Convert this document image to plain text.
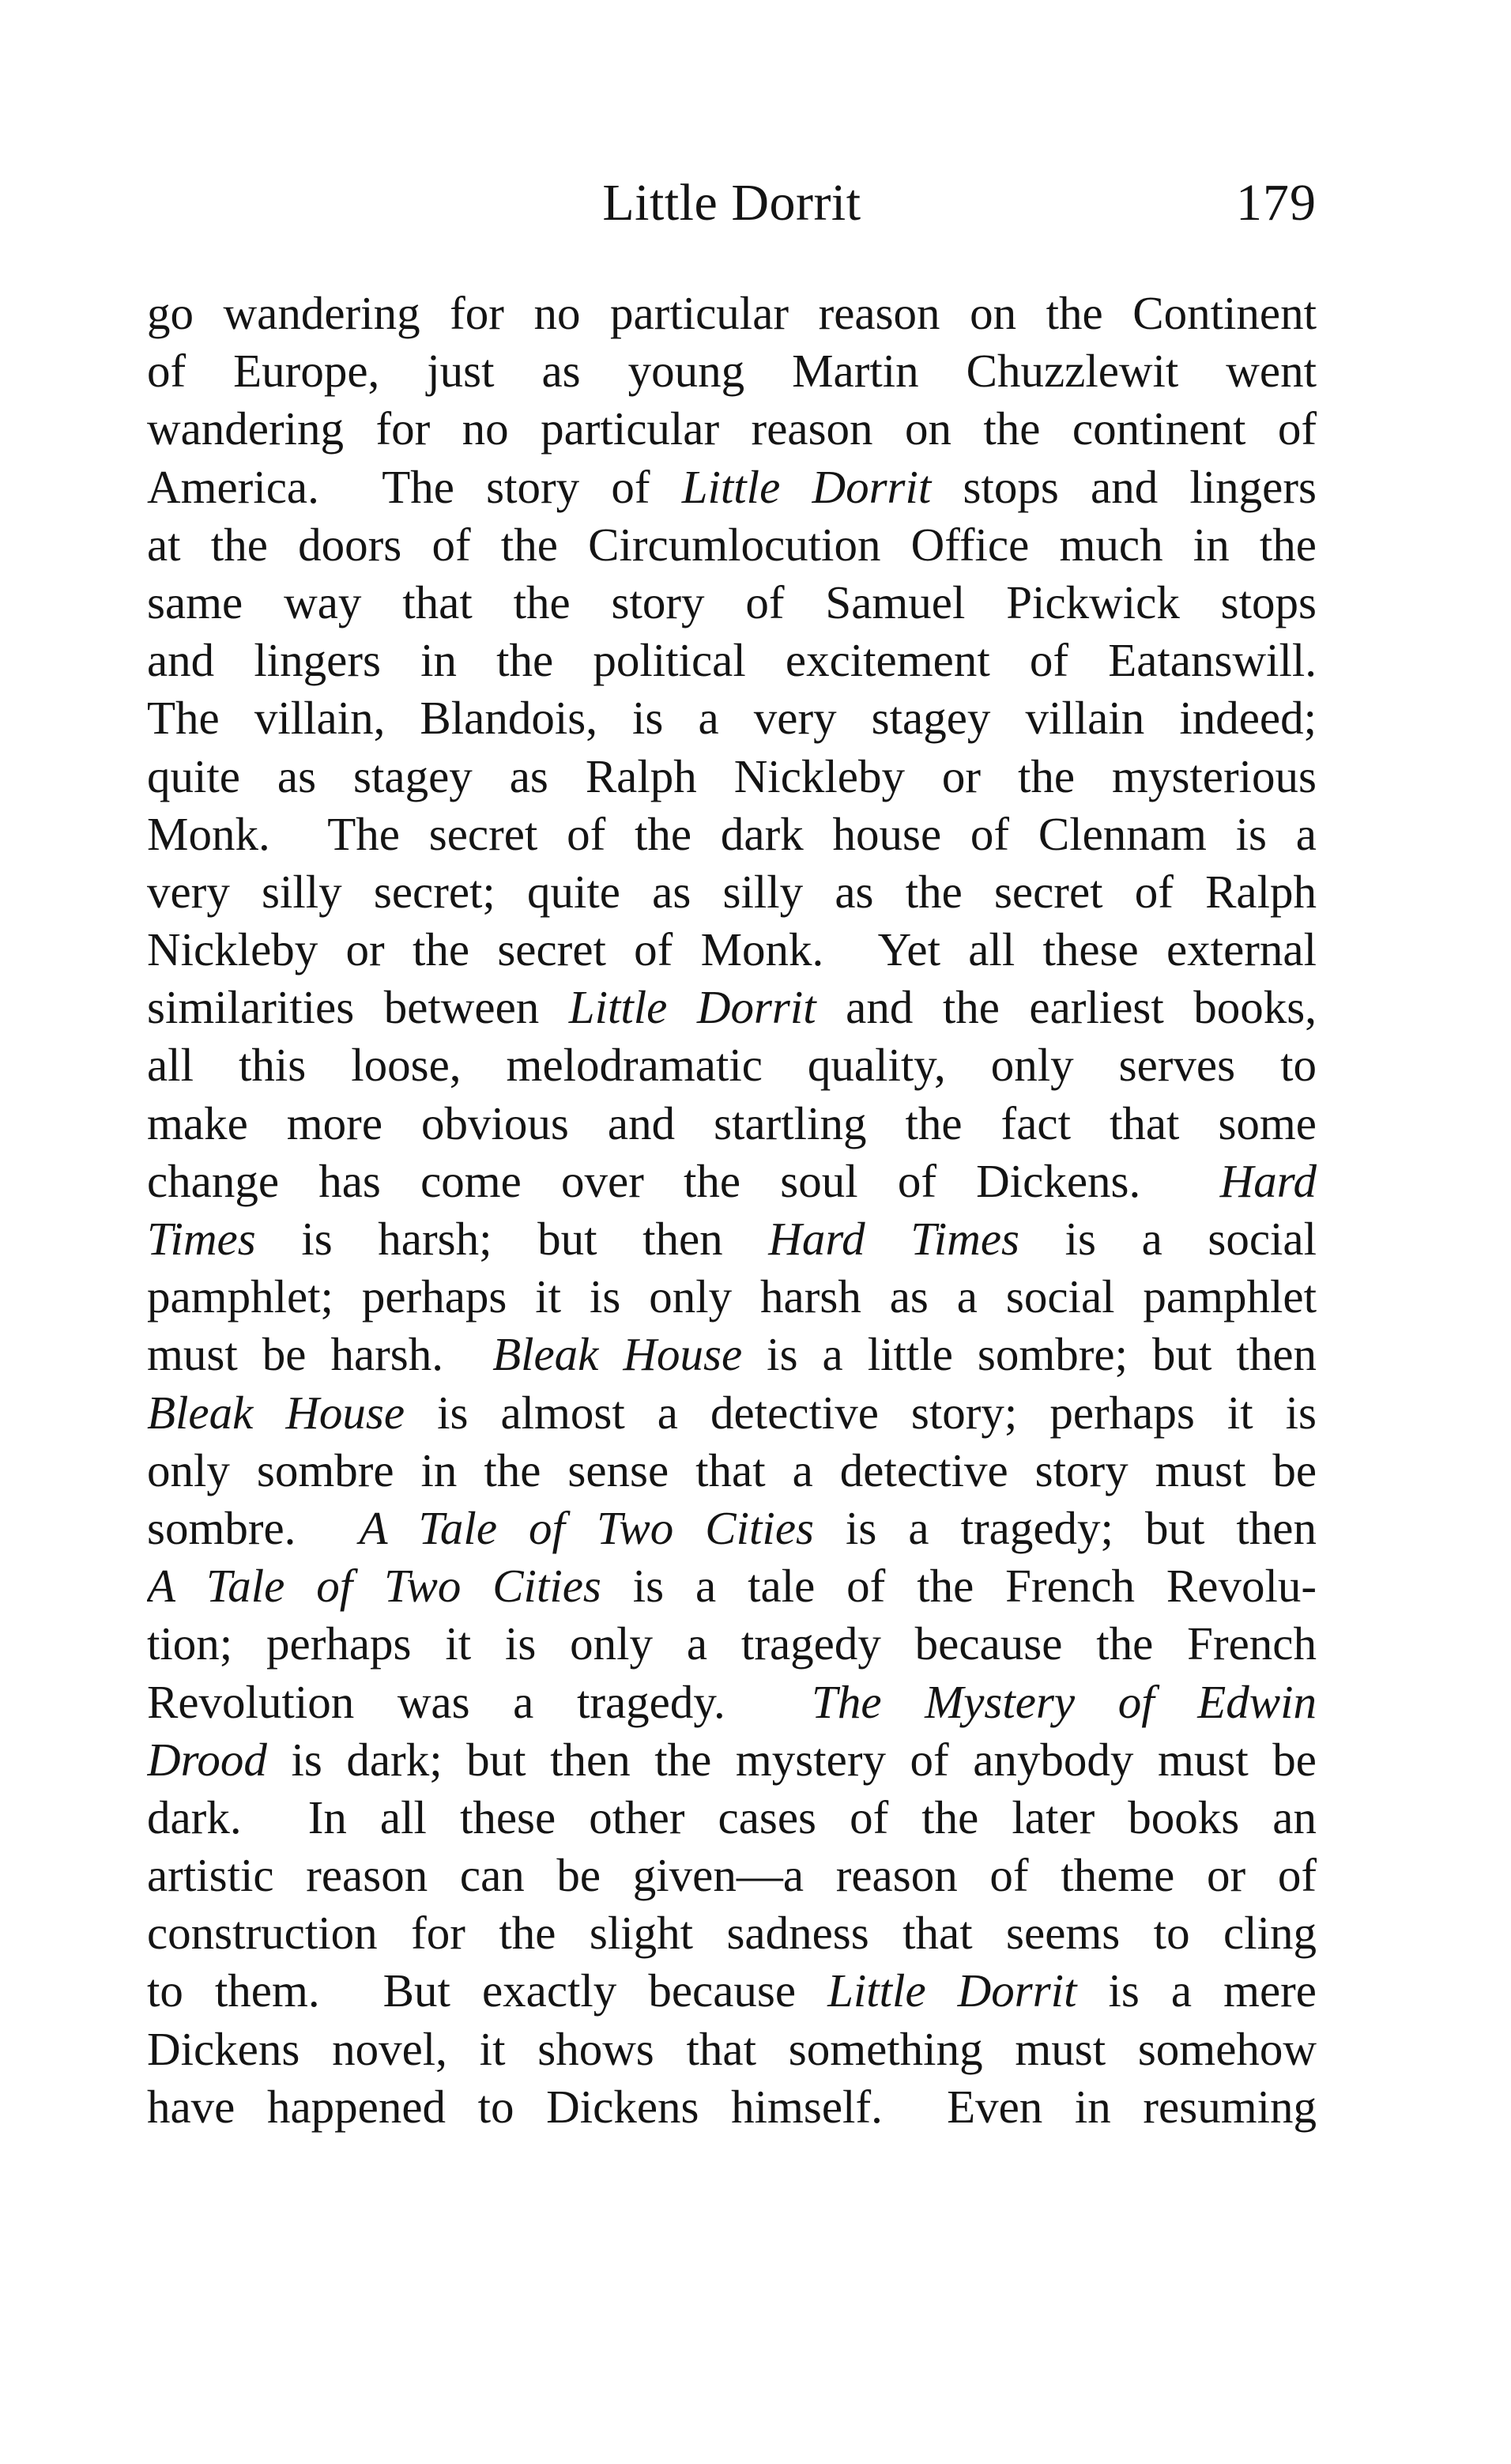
Little Dorrit	179
go wandering for no particular reason on the Continent
of Europe, just as young Martin Chuzzlewit went
wandering for no particular reason on the continent of
America.  The story of Little Dorrit stops and lingers
at the doors of the Circumlocution Office much in the
same way that the story of Samuel Pickwick stops
and lingers in the political excitement of Eatanswill.
The villain, Blandois, is a very stagey villain indeed;
quite as stagey as Ralph Nickleby or the mysterious
Monk.  The secret of the dark house of Clennam is a
very silly secret; quite as silly as the secret of Ralph
Nickleby or the secret of Monk.  Yet all these external
similarities between Little Dorrit and the earliest books,
all this loose, melodramatic quality, only serves to
make more obvious and startling the fact that some
change has come over the soul of Dickens.  Hard
Times is harsh; but then Hard Times is a social
pamphlet; perhaps it is only harsh as a social pamphlet
must be harsh.  Bleak House is a little sombre; but then
Bleak House is almost a detective story; perhaps it is
only sombre in the sense that a detective story must be
sombre.  A Tale of Two Cities is a tragedy; but then
A Tale of Two Cities is a tale of the French Revolu-
tion; perhaps it is only a tragedy because the French
Revolution was a tragedy.  The Mystery of Edwin
Drood is dark; but then the mystery of anybody must be
dark.  In all these other cases of the later books an
artistic reason can be given—a reason of theme or of
construction for the slight sadness that seems to cling
to them.  But exactly because Little Dorrit is a mere
Dickens novel, it shows that something must somehow
have happened to Dickens himself.  Even in resuming
